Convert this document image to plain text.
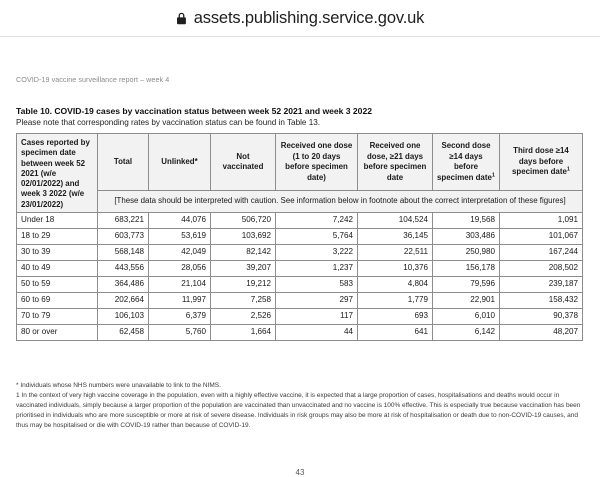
assets.publishing.service.gov.uk
COVID-19 vaccine surveillance report – week 4
Table 10. COVID-19 cases by vaccination status between week 52 2021 and week 3 2022
Please note that corresponding rates by vaccination status can be found in Table 13.
Cases reported by specimen date between week 52 2021 (w/e 02/01/2022) and week 3 2022 (w/e 23/01/2022)	Total	Unlinked*	Not vaccinated	Received one dose (1 to 20 days before specimen date)	Received one dose, ≥21 days before specimen date	Second dose ≥14 days before specimen date$^1$	Third dose ≥14 days before specimen date$^1$
	[These data should be interpreted with caution. See information below in footnote about the correct interpretation of these figures]						
Under 18	683,221	44,076	506,720	7,242	104,524	19,568	1,091
18 to 29	603,773	53,619	103,692	5,764	36,145	303,486	101,067
30 to 39	568,148	42,049	82,142	3,222	22,511	250,980	167,244
40 to 49	443,556	28,056	39,207	1,237	10,376	156,178	208,502
50 to 59	364,486	21,104	19,212	583	4,804	79,596	239,187
60 to 69	202,664	11,997	7,258	297	1,779	22,901	158,432
70 to 79	106,103	6,379	2,526	117	693	6,010	90,378
80 or over	62,458	5,760	1,664	44	641	6,142	48,207

* Individuals whose NHS numbers were unavailable to link to the NIMS.

1 In the context of very high vaccine coverage in the population, even with a highly effective vaccine, it is expected that a large proportion of cases, hospitalisations and deaths would occur in vaccinated individuals, simply because a larger proportion of the population are vaccinated than unvaccinated and no vaccine is 100% effective. This is especially true because vaccination has been prioritised in individuals who are more susceptible or more at risk of severe disease. Individuals in risk groups may also be more at risk of hospitalisation or death due to non-COVID-19 causes, and thus may be hospitalised or die with COVID-19 rather than because of COVID-19.

43
